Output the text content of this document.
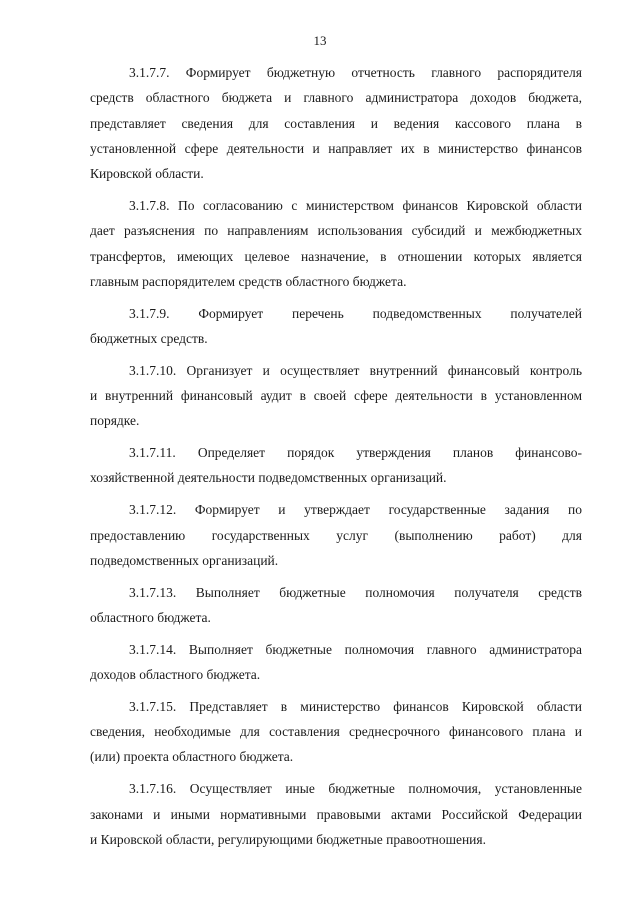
13

3.1.7.7. Формирует бюджетную отчетность главного распорядителя
средств областного бюджета и главного администратора доходов бюджета,
представляет сведения для составления и ведения кассового плана в
установленной сфере деятельности и направляет их в министерство финансов
Кировской области.

3.1.7.8. По согласованию с министерством финансов Кировской области
дает разъяснения по направлениям использования субсидий и межбюджетных
трансфертов, имеющих целевое назначение, в отношении которых является
главным распорядителем средств областного бюджета.

3.1.7.9. Формирует перечень подведомственных получателей
бюджетных средств.

3.1.7.10. Организует и осуществляет внутренний финансовый контроль
и внутренний финансовый аудит в своей сфере деятельности в установленном
порядке.

3.1.7.11. Определяет порядок утверждения планов финансово-
хозяйственной деятельности подведомственных организаций.

3.1.7.12. Формирует и утверждает государственные задания по
предоставлению государственных услуг (выполнению работ) для
подведомственных организаций.

3.1.7.13. Выполняет бюджетные полномочия получателя средств
областного бюджета.

3.1.7.14. Выполняет бюджетные полномочия главного администратора
доходов областного бюджета.

3.1.7.15. Представляет в министерство финансов Кировской области
сведения, необходимые для составления среднесрочного финансового плана и
(или) проекта областного бюджета.

3.1.7.16. Осуществляет иные бюджетные полномочия, установленные
законами и иными нормативными правовыми актами Российской Федерации
и Кировской области, регулирующими бюджетные правоотношения.
